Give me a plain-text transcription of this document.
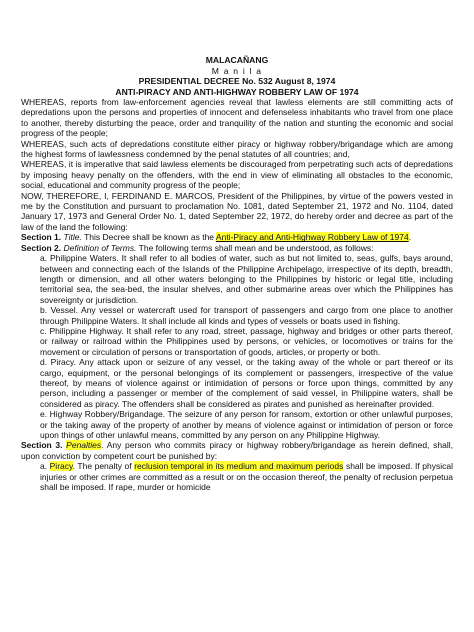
MALACAÑANG
M a n i l a
PRESIDENTIAL DECREE No. 532 August 8, 1974
ANTI-PIRACY AND ANTI-HIGHWAY ROBBERY LAW OF 1974

WHEREAS, reports from law-enforcement agencies reveal that lawless elements are still committing acts of depredations upon the persons and properties of innocent and defenseless inhabitants who travel from one place to another, thereby disturbing the peace, order and tranquility of the nation and stunting the economic and social progress of the people;

WHEREAS, such acts of depredations constitute either piracy or highway robbery/brigandage which are among the highest forms of lawlessness condemned by the penal statutes of all countries; and,

WHEREAS, it is imperative that said lawless elements be discouraged from perpetrating such acts of depredations by imposing heavy penalty on the offenders, with the end in view of eliminating all obstacles to the economic, social, educational and community progress of the people;

NOW, THEREFORE, I, FERDINAND E. MARCOS, President of the Philippines, by virtue of the powers vested in me by the Constitution and pursuant to proclamation No. 1081, dated September 21, 1972 and No. 1104, dated January 17, 1973 and General Order No. 1, dated September 22, 1972, do hereby order and decree as part of the law of the land the following:

Section 1. Title. This Decree shall be known as the Anti-Piracy and Anti-Highway Robbery Law of 1974.

Section 2. Definition of Terms. The following terms shall mean and be understood, as follows:

a. Philippine Waters. It shall refer to all bodies of water, such as but not limited to, seas, gulfs, bays around, between and connecting each of the Islands of the Philippine Archipelago, irrespective of its depth, breadth, length or dimension, and all other waters belonging to the Philippines by historic or legal title, including territorial sea, the sea-bed, the insular shelves, and other submarine areas over which the Philippines has sovereignty or jurisdiction.

b. Vessel. Any vessel or watercraft used for transport of passengers and cargo from one place to another through Philippine Waters. It shall include all kinds and types of vessels or boats used in fishing.

c. Philippine Highway. It shall refer to any road, street, passage, highway and bridges or other parts thereof, or railway or railroad within the Philippines used by persons, or vehicles, or locomotives or trains for the movement or circulation of persons or transportation of goods, articles, or property or both.

d. Piracy. Any attack upon or seizure of any vessel, or the taking away of the whole or part thereof or its cargo, equipment, or the personal belongings of its complement or passengers, irrespective of the value thereof, by means of violence against or intimidation of persons or force upon things, committed by any person, including a passenger or member of the complement of said vessel, in Philippine waters, shall be considered as piracy. The offenders shall be considered as pirates and punished as hereinafter provided.

e. Highway Robbery/Brigandage. The seizure of any person for ransom, extortion or other unlawful purposes, or the taking away of the property of another by means of violence against or intimidation of person or force upon things of other unlawful means, committed by any person on any Philippine Highway.

Section 3. Penalties. Any person who commits piracy or highway robbery/brigandage as herein defined, shall, upon conviction by competent court be punished by:

a. Piracy. The penalty of reclusion temporal in its medium and maximum periods shall be imposed. If physical injuries or other crimes are committed as a result or on the occasion thereof, the penalty of reclusion perpetua shall be imposed. If rape, murder or homicide
